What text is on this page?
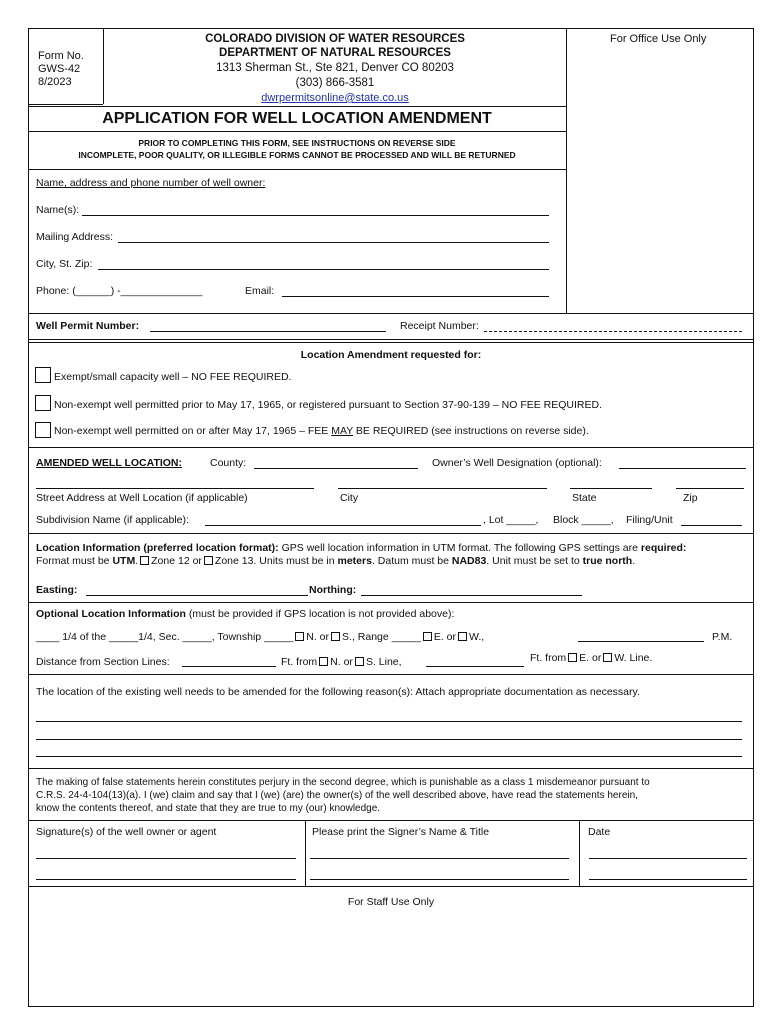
Form No.
GWS-42
8/2023
COLORADO DIVISION OF WATER RESOURCES
DEPARTMENT OF NATURAL RESOURCES
1313 Sherman St., Ste 821, Denver CO 80203
(303) 866-3581
dwrpermitsonline@state.co.us
For Office Use Only
APPLICATION FOR WELL LOCATION AMENDMENT
PRIOR TO COMPLETING THIS FORM, SEE INSTRUCTIONS ON REVERSE SIDE
INCOMPLETE, POOR QUALITY, OR ILLEGIBLE FORMS CANNOT BE PROCESSED AND WILL BE RETURNED
Name, address and phone number of well owner:
Name(s):
Mailing Address:
City, St. Zip:
Phone: (______) -______________	Email:
Well Permit Number:	Receipt Number:
Location Amendment requested for:
Exempt/small capacity well – NO FEE REQUIRED.
Non-exempt well permitted prior to May 17, 1965, or registered pursuant to Section 37-90-139 – NO FEE REQUIRED.
Non-exempt well permitted on or after May 17, 1965 – FEE MAY BE REQUIRED (see instructions on reverse side).
AMENDED WELL LOCATION:	County:	Owner’s Well Designation (optional):
Street Address at Well Location (if applicable)	City	State	Zip
Subdivision Name (if applicable):	, Lot _____, Block _____, Filing/Unit
Location Information (preferred location format): GPS well location information in UTM format. The following GPS settings are required:
Format must be UTM. Zone 12 or Zone 13. Units must be in meters. Datum must be NAD83. Unit must be set to true north.
Easting:	Northing:
Optional Location Information (must be provided if GPS location is not provided above):
____ 1/4 of the _____1/4, Sec. _____, Township _____ N. or S., Range _____ E. or W.,	P.M.
Distance from Section Lines:	Ft. from N. or S. Line,	Ft. from E. or W. Line.
The location of the existing well needs to be amended for the following reason(s): Attach appropriate documentation as necessary.
The making of false statements herein constitutes perjury in the second degree, which is punishable as a class 1 misdemeanor pursuant to
C.R.S. 24-4-104(13)(a). I (we) claim and say that I (we) (are) the owner(s) of the well described above, have read the statements herein,
know the contents thereof, and state that they are true to my (our) knowledge.
Signature(s) of the well owner or agent	Please print the Signer’s Name & Title	Date
For Staff Use Only
